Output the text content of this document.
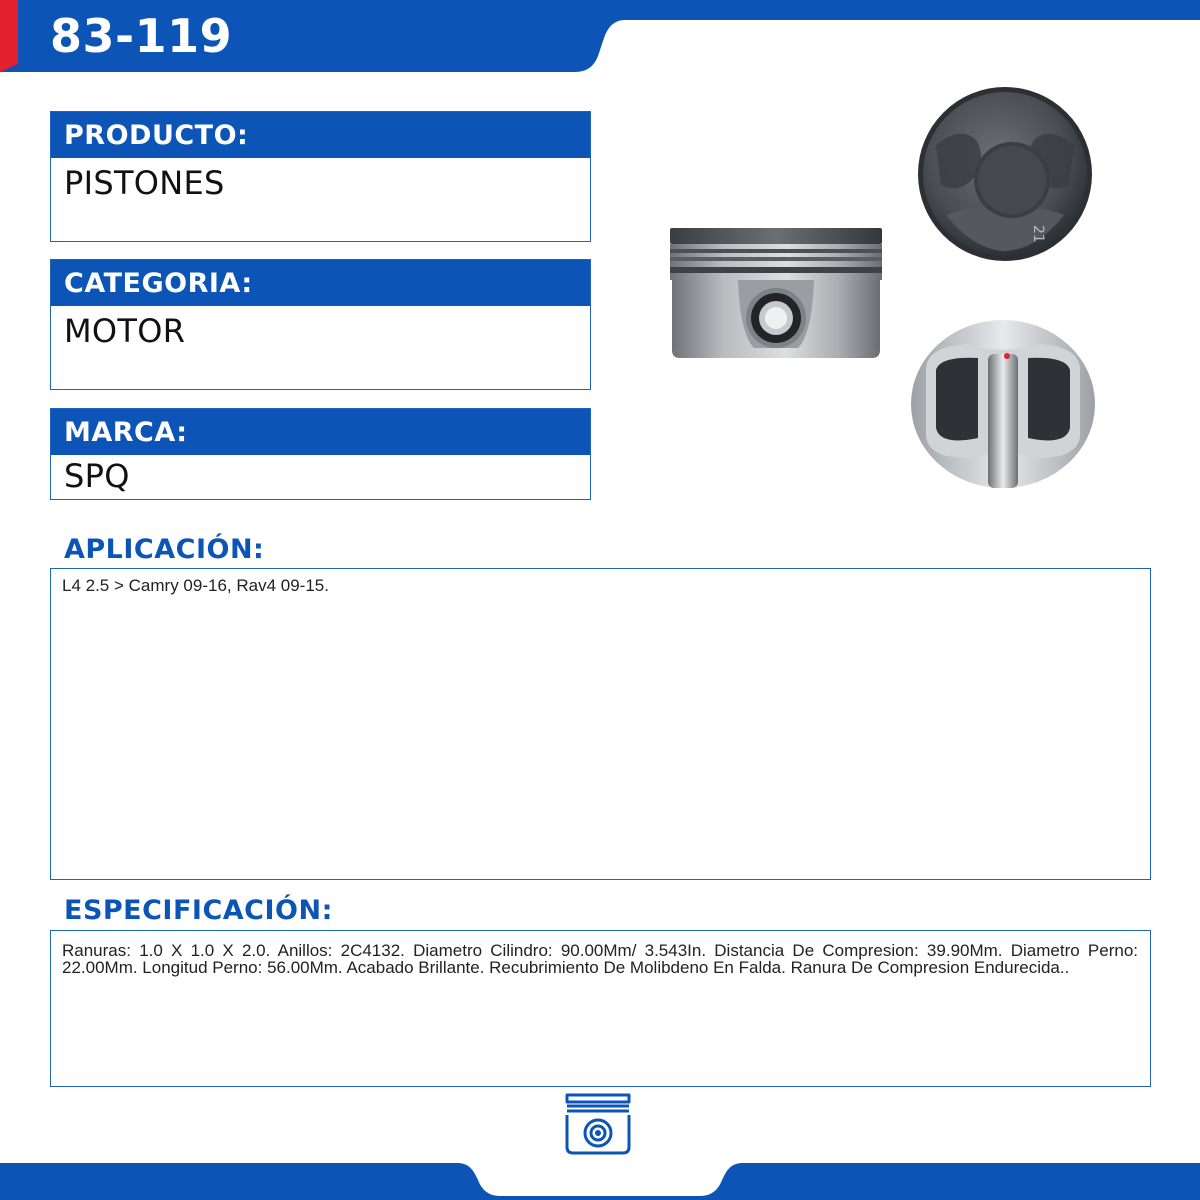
83-119
PRODUCTO:
PISTONES
CATEGORIA:
MOTOR
MARCA:
SPQ
21
APLICACIÓN:
L4 2.5 > Camry 09-16, Rav4 09-15.
ESPECIFICACIÓN:
Ranuras: 1.0 X 1.0 X 2.0. Anillos: 2C4132. Diametro Cilindro: 90.00Mm/ 3.543In. Distancia De Compresion: 39.90Mm. Diametro Perno: 22.00Mm. Longitud Perno: 56.00Mm. Acabado Brillante. Recubrimiento De Molibdeno En Falda. Ranura De Compresion Endurecida..
MOTOR
